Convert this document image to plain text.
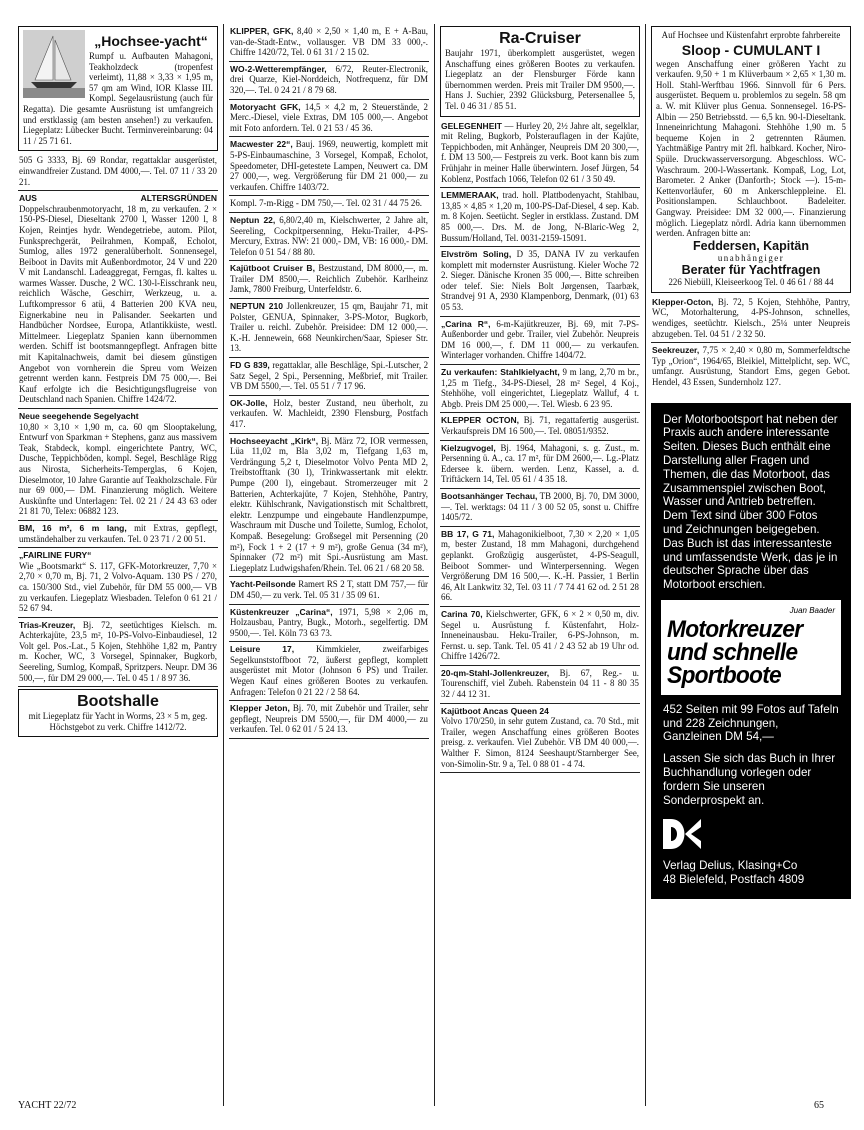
„Hochsee-yacht“

Rumpf u. Aufbauten Mahagoni, Teakholzdeck (tropenfest verleimt), 11,88 × 3,33 × 1,95 m, 57 qm am Wind, IOR Klasse III. Kompl. Segelausrüstung (auch für Regatta). Die gesamte Ausrüstung ist umfangreich und erstklassig (am besten ansehen!) zu verkaufen. Liegeplatz: Lübecker Bucht. Terminvereinbarung: 04 11 / 25 71 61.

505 G 3333, Bj. 69 Rondar, regattaklar ausgerüstet, einwandfreier Zustand. DM 4000,—. Tel. 07 11 / 33 20 21.

AUS ALTERSGRÜNDEN Doppelschraubenmotoryacht, 18 m, zu verkaufen. 2 × 150-PS-Diesel, Dieseltank 2700 l, Wasser 1200 l, 8 Kojen, Reintjes hydr. Wendegetriebe, autom. Pilot, Funksprechgerät, Peilrahmen, Kompaß, Echolot, Sumlog, alles 1972 generalüberholt. Sonnensegel, Beiboot in Davits mit Außenbordmotor, 24 V und 220 V mit Landanschl. Ladeaggregat, Ferngas, fl. kaltes u. warmes Wasser. Dusche, 2 WC. 130-l-Eisschrank neu, reichlich Wäsche, Geschirr, Werkzeug, u. a. Luftkompressor 6 atü, 4 Batterien 200 KVA neu, Eignerkabine neu in Palisander. Seekarten und Handbücher Nordsee, Europa, Atlantikküste, westl. Mittelmeer. Liegeplatz Spanien kann übernommen werden. Schiff ist bootsmanngepflegt. Anfragen bitte mit Kapitalnachweis, damit bei diesem günstigen Angebot von vornherein die Spreu vom Weizen getrennt werden kann. Festpreis DM 75 000,—. Bei Kauf erfolgte ich die Besichtigungsflugreise von Deutschland nach Spanien. Chiffre 1424/72.

Neue seegehende Segelyacht
10,80 × 3,10 × 1,90 m, ca. 60 qm Slooptakelung, Entwurf von Sparkman + Stephens, ganz aus massivem Teak, Stabdeck, kompl. eingerichtete Pantry, WC, Dusche, Teppichböden, kompl. Segel, Beschläge Rigg aus Nirosta, Sicherheits-Temperglas, 6 Kojen, Dieselmotor, 10 Jahre Garantie auf Teakholzschale. Für nur 69 000,— DM. Finanzierung möglich. Weitere Auskünfte und Unterlagen: Tel. 02 21 / 24 43 63 oder 21 81 70, Telex: 06882 123.

BM, 16 m², 6 m lang, mit Extras, gepflegt, umständehalber zu verkaufen. Tel. 0 23 71 / 2 00 51.

„FAIRLINE FURY“
Wie „Bootsmarkt“ S. 117, GFK-Motorkreuzer, 7,70 × 2,70 × 0,70 m, Bj. 71, 2 Volvo-Aquam. 130 PS / 270, ca. 150/300 Std., viel Zubehör, für DM 55 000,— VB zu verkaufen. Liegeplatz Wiesbaden. Telefon 0 61 21 / 52 67 94.

Trias-Kreuzer, Bj. 72, seetüchtiges Kielsch. m. Achterkajüte, 23,5 m², 10-PS-Volvo-Einbaudiesel, 12 Volt gel. Pos.-Lat., 5 Kojen, Stehhöhe 1,82 m, Pantry m. Kocher, WC, 3 Vorsegel, Spinnaker, Bugkorb, Seereling, Sumlog, Kompaß, Spritzpers. Neupr. DM 36 500,—, für DM 29 000,—. Tel. 0 45 1 / 8 97 36.

Bootshalle

mit Liegeplatz für Yacht in Worms, 23 × 5 m, geg. Höchstgebot zu verk. Chiffre 1412/72.

KLIPPER, GFK, 8,40 × 2,50 × 1,40 m, E + A-Bau, van-de-Stadt-Entw., vollausger. VB DM 33 000,-. Chiffre 1420/72, Tel. 0 61 31 / 2 15 02.

WO-2-Wetterempfänger, 6/72, Reuter-Electronik, drei Quarze, Kiel-Norddeich, Notfrequenz, für DM 320,—. Tel. 0 24 21 / 8 79 68.

Motoryacht GFK, 14,5 × 4,2 m, 2 Steuerstände, 2 Merc.-Diesel, viele Extras, DM 105 000,—. Angebot mit Foto anfordern. Tel. 0 21 53 / 45 36.

Macwester 22“, Bauj. 1969, neuwertig, komplett mit 5-PS-Einbaumaschine, 3 Vorsegel, Kompaß, Echolot, Speedometer, DHI-getestete Lampen, Neuwert ca. DM 27 000,—, weg. Vergrößerung für DM 21 000,— zu verkaufen. Chiffre 1403/72.

Kompl. 7-m-Rigg - DM 750,—. Tel. 02 31 / 44 75 26.

Neptun 22, 6,80/2,40 m, Kielschwerter, 2 Jahre alt, Seereling, Cockpitpersenning, Heku-Trailer, 4-PS-Mercury, Extras. NW: 21 000,- DM, VB: 16 000,- DM. Telefon 0 51 54 / 88 80.

Kajütboot Cruiser B, Bestzustand, DM 8000,—, m. Trailer DM 8500,—. Reichlich Zubehör. Karlheinz Jamk, 7800 Freiburg, Unterfeldstr. 6.

NEPTUN 210 Jollenkreuzer, 15 qm, Baujahr 71, mit Polster, GENUA, Spinnaker, 3-PS-Motor, Bugkorb, Trailer u. reichl. Zubehör. Preisidee: DM 12 000,—. K.-H. Jennewein, 668 Neunkirchen/Saar, Spieser Str. 13.

FD G 839, regattaklar, alle Beschläge, Spi.-Lutscher, 2 Satz Segel, 2 Spi., Persenning, Meßbrief, mit Trailer. VB DM 5500,—. Tel. 05 51 / 7 17 96.

OK-Jolle, Holz, bester Zustand, neu überholt, zu verkaufen. W. Machleidt, 2390 Flensburg, Postfach 417.

Hochseeyacht „Kirk“, Bj. März 72, IOR vermessen, Lüa 11,02 m, Bla 3,02 m, Tiefgang 1,63 m, Verdrängung 5,2 t, Dieselmotor Volvo Penta MD 2, Treibstofftank (30 l), Trinkwassertank mit elektr. Pumpe (200 l), eingebaut. Stromerzeuger mit 2 Batterien, Achterkajüte, 7 Kojen, Stehhöhe, Pantry, elektr. Kühlschrank, Navigationstisch mit Schaltbrett, elektr. Lenzpumpe und eingebaute Handlenzpumpe, Waschraum mit Dusche und Toilette, Sumlog, Echolot, Kompaß. Besegelung: Großsegel mit Persenning (20 m²), Fock 1 + 2 (17 + 9 m²), große Genua (34 m²), Spinnaker (72 m²) mit Spi.-Ausrüstung am Mast. Liegeplatz Ludwigshafen/Rhein. Tel. 06 21 / 68 20 58.

Yacht-Peilsonde Ramert RS 2 T, statt DM 757,— für DM 450,— zu verk. Tel. 05 31 / 35 09 61.

Küstenkreuzer „Carina“, 1971, 5,98 × 2,06 m, Holzausbau, Pantry, Bugk., Motorh., segelfertig. DM 9500,—. Tel. Köln 73 63 73.

Leisure 17, Kimmkieler, zweifarbiges Segelkunststoffboot 72, äußerst gepflegt, komplett ausgerüstet mit Motor (Johnson 6 PS) und Trailer. Wegen Kauf eines größeren Bootes zu verkaufen. Anfragen: Telefon 0 21 22 / 2 58 64.

Klepper Jeton, Bj. 70, mit Zubehör und Trailer, sehr gepflegt, Neupreis DM 5500,—, für DM 4000,— zu verkaufen. Tel. 0 62 01 / 5 24 13.

Ra-Cruiser

Baujahr 1971, überkomplett ausgerüstet, wegen Anschaffung eines größeren Bootes zu verkaufen. Liegeplatz an der Flensburger Förde kann übernommen werden. Preis mit Trailer DM 9500,—. Hans J. Suchier, 2392 Glücksburg, Petersenallee 5, Tel. 0 46 31 / 85 51.

GELEGENHEIT — Hurley 20, 2½ Jahre alt, segelklar, mit Reling, Bugkorb, Polsterauflagen in der Kajüte, Teppichboden, mit Anhänger, Neupreis DM 20 300,—, f. DM 13 500,— Festpreis zu verk. Boot kann bis zum Frühjahr in meiner Halle überwintern. Josef Jürgen, 54 Koblenz, Postfach 1066, Telefon 02 61 / 3 50 49.

LEMMERAAK, trad. holl. Plattbodenyacht, Stahlbau, 13,85 × 4,85 × 1,20 m, 100-PS-Daf-Diesel, 4 sep. Kab. m. 8 Kojen. Seetücht. Segler in erstklass. Zustand. DM 85 000,—. Drs. M. de Jong, N-Blaric-Weg 2, Bussum/Holland, Tel. 0031-2159-15091.

Elvström Soling, D 35, DANA IV zu verkaufen komplett mit modernster Ausrüstung. Kieler Woche 72 2. Sieger. Dänische Kronen 35 000,—. Bitte schreiben oder telef. Sie: Niels Bolt Jørgensen, Taarbæk, Strandvej 91 A, 2930 Klampenborg, Denmark, (01) 63 05 53.

„Carina R“, 6-m-Kajütkreuzer, Bj. 69, mit 7-PS-Außenborder und gebr. Trailer, viel Zubehör. Neupreis DM 16 000,—, f. DM 11 000,— zu verkaufen. Winterlager vorhanden. Chiffre 1404/72.

Zu verkaufen: Stahlkielyacht, 9 m lang, 2,70 m br., 1,25 m Tiefg., 34-PS-Diesel, 28 m² Segel, 4 Koj., Stehhöhe, voll eingerichtet, Liegeplatz Walluf, 4 t. Abgb. Preis DM 25 000,—. Tel. Wiesb. 6 23 95.

KLEPPER OCTON, Bj. 71, regattafertig ausgerüst. Verkaufspreis DM 16 500,—. Tel. 08051/9352.

Kielzugvogel, Bj. 1964, Mahagoni, s. g. Zust., m. Persenning ü. A., ca. 17 m², für DM 2600,—. Lg.-Platz Edersee k. übern. werden. Lenz, Kassel, a. d. Triftäckern 14, Tel. 05 61 / 4 35 18.

Bootsanhänger Techau, TB 2000, Bj. 70, DM 3000,—. Tel. werktags: 04 11 / 3 00 52 05, sonst u. Chiffre 1405/72.

BB 17, G 71, Mahagonikielboot, 7,30 × 2,20 × 1,05 m, bester Zustand, 18 mm Mahagoni, durchgehend geplankt. Großzügig ausgerüstet, 4-PS-Seagull, Beiboot Sommer- und Winterpersenning. Wegen Vergrößerung DM 16 500,—. K.-H. Passier, 1 Berlin 46, Alt Lankwitz 32, Tel. 03 11 / 7 74 41 62 od. 2 51 28 66.

Carina 70, Kielschwerter, GFK, 6 × 2 × 0,50 m, div. Segel u. Ausrüstung f. Küstenfahrt, Holz-Inneneinausbau. Heku-Trailer, 6-PS-Johnson, m. Fernst. u. sep. Tank. Tel. 05 41 / 2 43 52 ab 19 Uhr od. Chiffre 1426/72.

20-qm-Stahl-Jollenkreuzer, Bj. 67, Reg.- u. Tourenschiff, viel Zubeh. Rabenstein 04 11 - 8 80 35 32 / 44 12 31.

Kajütboot Ancas Queen 24
Volvo 170/250, in sehr gutem Zustand, ca. 70 Std., mit Trailer, wegen Anschaffung eines größeren Bootes preisg. z. verkaufen. Viel Zubehör. VB DM 40 000,—. Walther F. Simon, 8124 Seeshaupt/Starnberger See, von-Simolin-Str. 9 a, Tel. 0 88 01 - 4 74.

Auf Hochsee und Küstenfahrt erprobte fahrbereite

Sloop - CUMULANT I

wegen Anschaffung einer größeren Yacht zu verkaufen. 9,50 + 1 m Klüverbaum × 2,65 × 1,30 m. Holl. Stahl-Werftbau 1966. Sinnvoll für 6 Pers. ausgerüstet. Bequem u. problemlos zu segeln. 58 qm a. W. mit Klüver plus Genua. Sonnensegel. 16-PS-Albin — 250 Betriebsstd. — 6,5 kn. 90-l-Dieseltank. Inneneinrichtung Mahagoni. Stehhöhe 1,90 m. 5 bequeme Kojen in 2 getrennten Räumen. Yachtmäßige Pantry mit 2fl. halbkard. Kocher, Niro-Spüle. Druckwasserversorgung. Abgeschloss. WC-Waschraum. 200-l-Wassertank. Kompaß, Log, Lot, Barometer. 2 Anker (Danforth-; Stock —). 15-m-Kettenvorläufer, 60 m Ankerschleppleine. El. Positionslampen. Schlauchboot. Badeleiter. Gangway. Preisidee: DM 32 000,—. Finanzierung möglich. Liegeplatz nördl. Adria kann übernommen werden. Anfragen bitte an:

Feddersen, Kapitän

unabhängiger

Berater für Yachtfragen

226 Niebüll, Kleiseerkoog Tel. 0 46 61 / 88 44

Klepper-Octon, Bj. 72, 5 Kojen, Stehhöhe, Pantry, WC, Motorhalterung, 4-PS-Johnson, schnelles, wendiges, seetüchtr. Kielsch., 25¼ unter Neupreis abzugeben. Tel. 04 51 / 2 32 50.

Seekreuzer, 7,75 × 2,40 × 0,80 m, Sommerfeldtsche Typ „Orion“, 1964/65, Bleikiel, Mittelplicht, sep. WC, umfangr. Ausrüstung, Standort Ems, gegen Gebot. Hendel, 43 Essen, Sundernholz 127.

Der Motorbootsport hat neben der Praxis auch andere interessante Seiten. Dieses Buch enthält eine Darstellung aller Fragen und Themen, die das Motorboot, das Zusammenspiel zwischen Boot, Wasser und Antrieb betreffen. Dem Text sind über 300 Fotos und Zeichnungen beigegeben. Das Buch ist das interessanteste und umfassendste Werk, das je in deutscher Sprache über das Motorboot erschien.
Juan Baader
Motorkreuzer
und schnelle
Sportboote
452 Seiten mit 99 Fotos auf Tafeln und 228 Zeichnungen, Ganzleinen DM 54,—
Lassen Sie sich das Buch in Ihrer Buchhandlung vorlegen oder fordern Sie unseren Sonderprospekt an.
Verlag Delius, Klasing+Co
48 Bielefeld, Postfach 4809
YACHT 22/72	65
